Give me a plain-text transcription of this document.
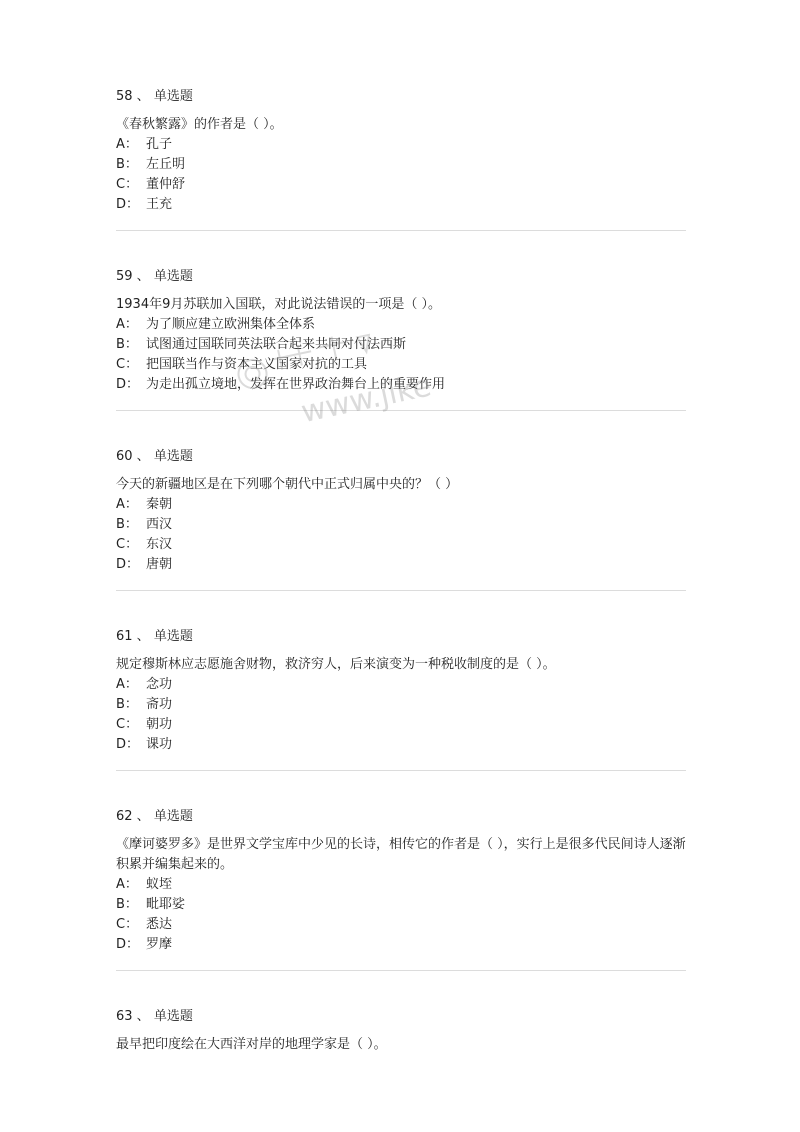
58 、 单选题

《春秋繁露》的作者是（ ）。

A： 孔子
B： 左丘明
C： 董仲舒
D： 王充

59 、 单选题

1934年9月苏联加入国联，对此说法错误的一项是（ ）。

A： 为了顺应建立欧洲集体全体系
B： 试图通过国联同英法联合起来共同对付法西斯
C： 把国联当作与资本主义国家对抗的工具
D： 为走出孤立境地，发挥在世界政治舞台上的重要作用

60 、 单选题

今天的新疆地区是在下列哪个朝代中正式归属中央的？（ ）

A： 秦朝
B： 西汉
C： 东汉
D： 唐朝

61 、 单选题

规定穆斯林应志愿施舍财物，救济穷人，后来演变为一种税收制度的是（ ）。

A： 念功
B： 斋功
C： 朝功
D： 课功

62 、 单选题

《摩诃婆罗多》是世界文学宝库中少见的长诗，相传它的作者是（ ），实行上是很多代民间诗人逐渐积累并编集起来的。

A： 蚁垤
B： 毗耶娑
C： 悉达
D： 罗摩

63 、 单选题

最早把印度绘在大西洋对岸的地理学家是（ ）。

www.jike.vip
